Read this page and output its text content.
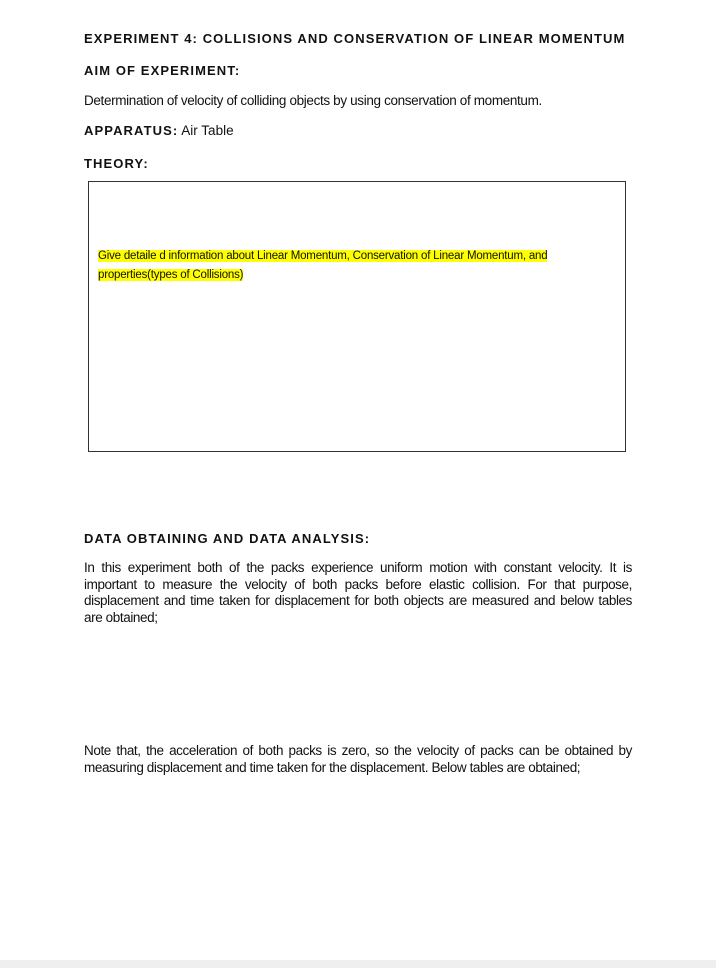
EXPERIMENT 4: COLLISIONS AND CONSERVATION OF LINEAR MOMENTUM
AIM OF EXPERIMENT:
Determination of velocity of colliding objects by using conservation of momentum.
APPARATUS: Air Table
THEORY:
Give detaile d information about Linear Momentum, Conservation of Linear Momentum, and properties(types of Collisions)
DATA OBTAINING AND DATA ANALYSIS:
In this experiment both of the packs experience uniform motion with constant velocity. It is important to measure the velocity of both packs before elastic collision. For that purpose, displacement and time taken for displacement for both objects are measured and below tables are obtained;
Note that, the acceleration of both packs is zero, so the velocity of packs can be obtained by measuring displacement and time taken for the displacement. Below tables are obtained;
